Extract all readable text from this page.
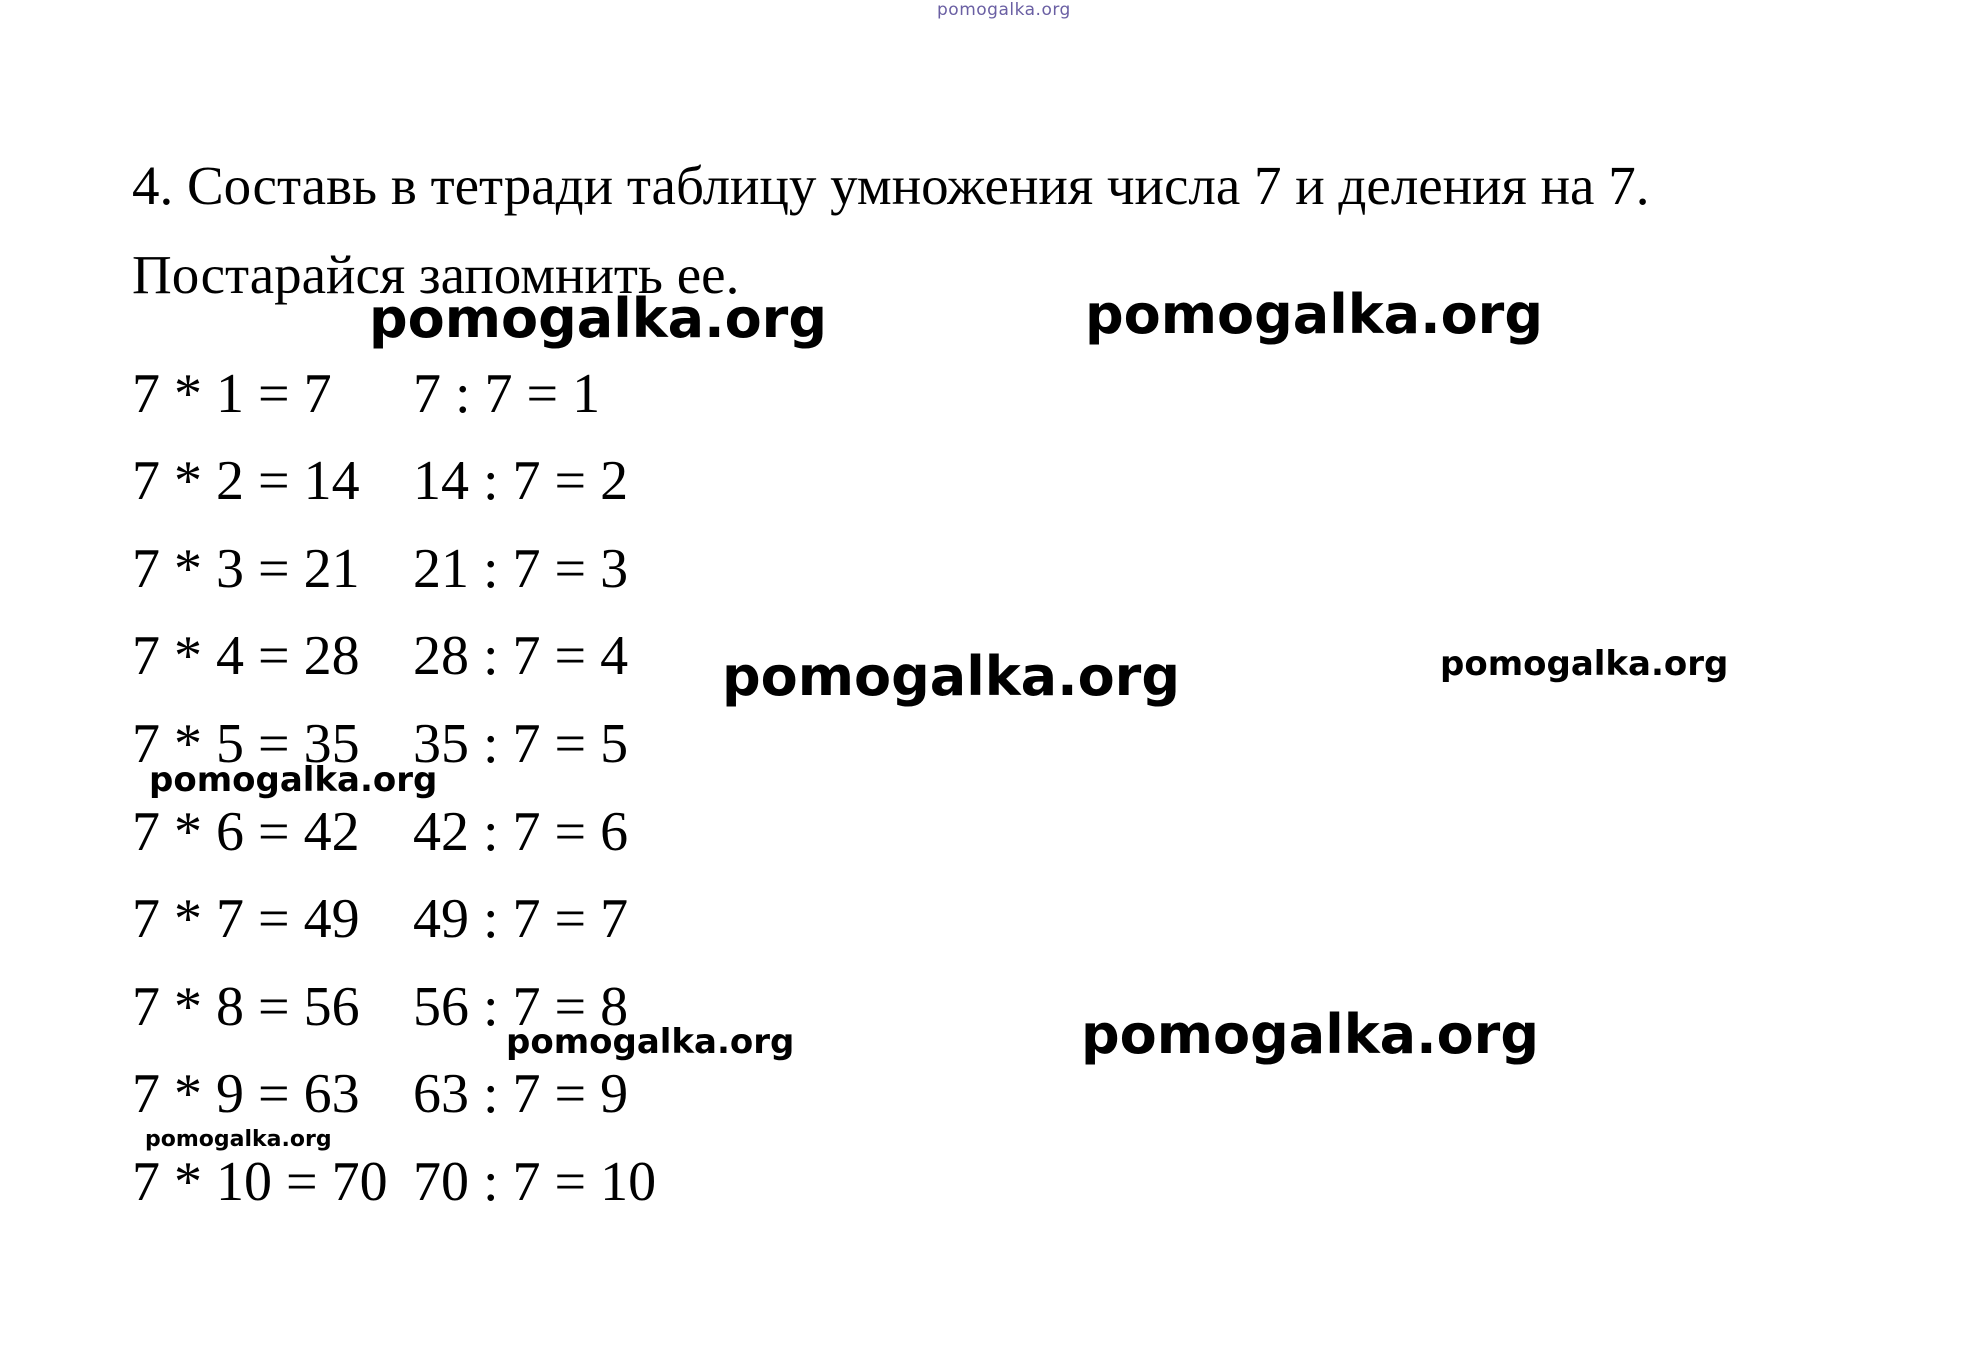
pomogalka.org
4. Составь в тетради таблицу умножения числа 7 и деления на 7.
Постарайся запомнить ее.
7 * 1 = 7 7 : 7 = 1
7 * 2 = 14 14 : 7 = 2
7 * 3 = 21 21 : 7 = 3
7 * 4 = 28 28 : 7 = 4
7 * 5 = 35 35 : 7 = 5
7 * 6 = 42 42 : 7 = 6
7 * 7 = 49 49 : 7 = 7
7 * 8 = 56 56 : 7 = 8
7 * 9 = 63 63 : 7 = 9
7 * 10 = 70 70 : 7 = 10
pomogalka.org	pomogalka.org
pomogalka.org	pomogalka.org
pomogalka.org
pomogalka.org	pomogalka.org
pomogalka.org
